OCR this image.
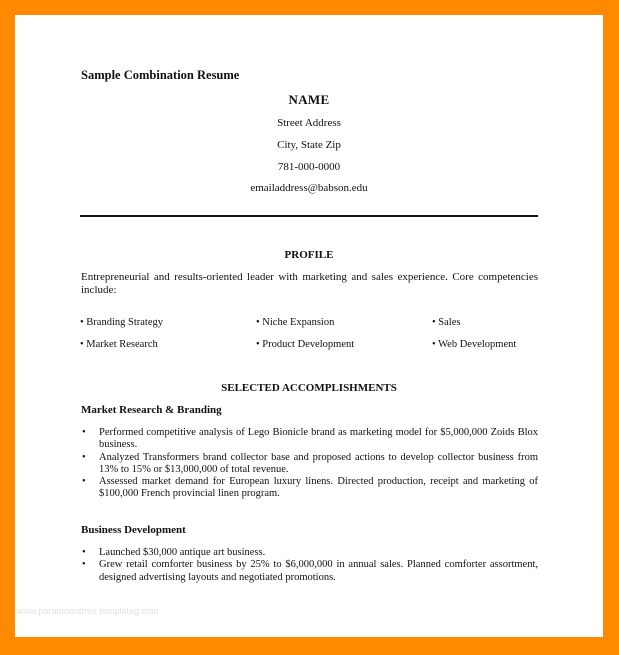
Sample Combination Resume
NAME
Street Address
City, State Zip
781-000-0000
emailaddress@babson.edu
PROFILE
Entrepreneurial and results-oriented leader with marketing and sales experience. Core competencies include:
• Branding Strategy	• Niche Expansion	• Sales
• Market Research	• Product Development	• Web Development
SELECTED ACCOMPLISHMENTS
Market Research & Branding
• Performed competitive analysis of Lego Bionicle brand as marketing model for $5,000,000 Zoids Blox business.
• Analyzed Transformers brand collector base and proposed actions to develop collector business from 13% to 15% or $13,000,000 of total revenue.
• Assessed market demand for European luxury linens. Directed production, receipt and marketing of $100,000 French provincial linen program.
Business Development
• Launched $30,000 antique art business.
• Grew retail comforter business by 25% to $6,000,000 in annual sales. Planned comforter assortment, designed advertising layouts and negotiated promotions.
www.paramountfree.templateg.com
